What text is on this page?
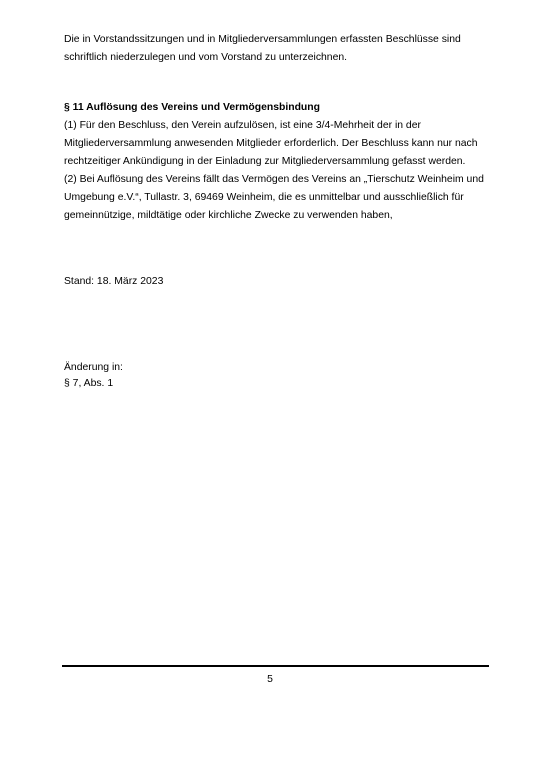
Die in Vorstandssitzungen und in Mitgliederversammlungen erfassten Beschlüsse sind
schriftlich niederzulegen und vom Vorstand zu unterzeichnen.
§ 11 Auflösung des Vereins und Vermögensbindung
(1) Für den Beschluss, den Verein aufzulösen, ist eine 3/4-Mehrheit der in der
Mitgliederversammlung anwesenden Mitglieder erforderlich. Der Beschluss kann nur nach
rechtzeitiger Ankündigung in der Einladung zur Mitgliederversammlung gefasst werden.
(2) Bei Auflösung des Vereins fällt das Vermögen des Vereins an „Tierschutz Weinheim und
Umgebung e.V.“, Tullastr. 3, 69469 Weinheim, die es unmittelbar und ausschließlich für
gemeinnützige, mildtätige oder kirchliche Zwecke zu verwenden haben,
Stand: 18. März 2023
Änderung in:
§ 7, Abs. 1
5
